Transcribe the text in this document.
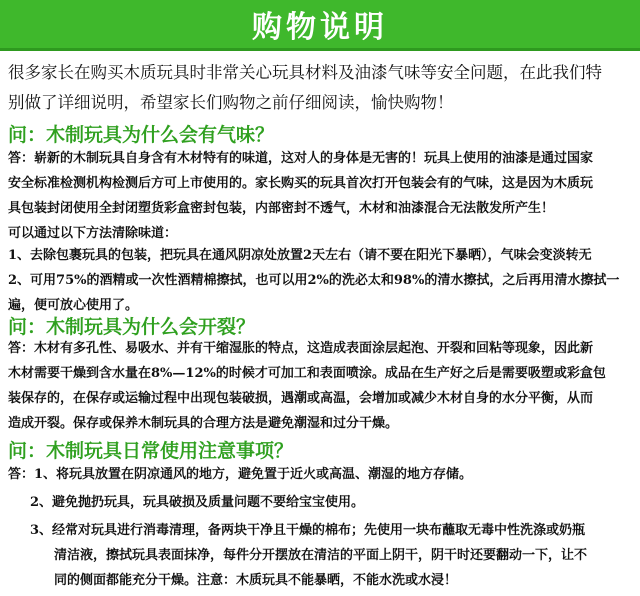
购物说明
很多家长在购买木质玩具时非常关心玩具材料及油漆气味等安全问题，在此我们特
别做了详细说明，希望家长们购物之前仔细阅读，愉快购物！
问：木制玩具为什么会有气味？
答：崭新的木制玩具自身含有木材特有的味道，这对人的身体是无害的！玩具上使用的油漆是通过国家
安全标准检测机构检测后方可上市使用的。家长购买的玩具首次打开包装会有的气味，这是因为木质玩
具包装封闭使用全封闭塑货彩盒密封包装，内部密封不透气，木材和油漆混合无法散发所产生！
可以通过以下方法清除味道：
1、去除包裹玩具的包装，把玩具在通风阴凉处放置2天左右（请不要在阳光下暴晒），气味会变淡转无
2、可用75%的酒精或一次性酒精棉擦拭，也可以用2%的洗必太和98%的清水擦拭，之后再用清水擦拭一
遍，便可放心使用了。
问：木制玩具为什么会开裂？
答：木材有多孔性、易吸水、并有干缩湿胀的特点，这造成表面涂层起泡、开裂和回粘等现象，因此新
木材需要干燥到含水量在8%—12%的时候才可加工和表面喷涂。成品在生产好之后是需要吸塑或彩盒包
装保存的，在保存或运输过程中出现包装破损，遇潮或高温，会增加或减少木材自身的水分平衡，从而
造成开裂。保存或保养木制玩具的合理方法是避免潮湿和过分干燥。
问：木制玩具日常使用注意事项？
答：1、将玩具放置在阴凉通风的地方，避免置于近火或高温、潮湿的地方存储。
2、避免抛扔玩具，玩具破损及质量问题不要给宝宝使用。
3、经常对玩具进行消毒清理，备两块干净且干燥的棉布；先使用一块布蘸取无毒中性洗涤或奶瓶
清洁液，擦拭玩具表面抹净，每件分开摆放在清洁的平面上阴干，阴干时还要翻动一下，让不
同的侧面都能充分干燥。注意：木质玩具不能暴晒，不能水洗或水浸！
